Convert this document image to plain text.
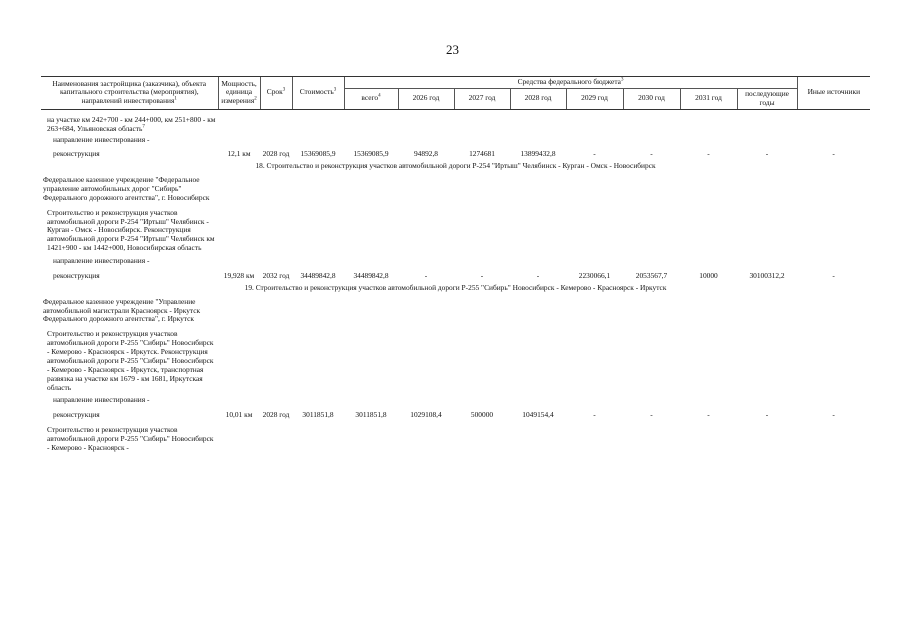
23
Наименования застройщика (заказчика), объекта капитального строительства (мероприятия), направлений инвестирования$^1$	Мощность, единица измерения$^2$	Срок$^3$	Стоимость$^3$	Средства федерального бюджета$^3$								Иные источники
				всего$^4$	2026 год	2027 год	2028 год	2029 год	2030 год	2031 год	последующие годы	

на участке км 242+700 - км 244+000, км 251+800 - км 263+684, Ульяновская область$^7$	
направление инвестирования -												
реконструкция	12,1 км	2028 год	15369085,9	15369085,9	94892,8	1274681	13899432,8	-	-	-	-	-
18. Строительство и реконструкция участков автомобильной дороги Р-254 "Иртыш" Челябинск - Курган - Омск - Новосибирск												
Федеральное казенное учреждение "Федеральное управление автомобильных дорог "Сибирь" Федерального дорожного агентства", г. Новосибирск												
Строительство и реконструкция участков автомобильной дороги Р-254 "Иртыш" Челябинск - Курган - Омск - Новосибирск. Реконструкция автомобильной дороги Р-254 "Иртыш" Челябинск км 1421+900 - км 1442+000, Новосибирская область												
направление инвестирования -												
реконструкция	19,928 км	2032 год	34489842,8	34489842,8	-	-	-	2230066,1	2053567,7	10000	30100312,2	-
19. Строительство и реконструкция участков автомобильной дороги Р-255 "Сибирь" Новосибирск - Кемерово - Красноярск - Иркутск												
Федеральное казенное учреждение "Управление автомобильной магистрали Красноярск - Иркутск Федерального дорожного агентства", г. Иркутск												
Строительство и реконструкция участков автомобильной дороги Р-255 "Сибирь" Новосибирск - Кемерово - Красноярск - Иркутск. Реконструкция автомобильной дороги Р-255 "Сибирь" Новосибирск - Кемерово - Красноярск - Иркутск, транспортная развязка на участке км 1679 - км 1681, Иркутская область												
направление инвестирования -												
реконструкция	10,01 км	2028 год	3011851,8	3011851,8	1029108,4	500000	1049154,4	-	-	-	-	-

Строительство и реконструкция участков автомобильной дороги Р-255 "Сибирь" Новосибирск - Кемерово - Красноярск -												
